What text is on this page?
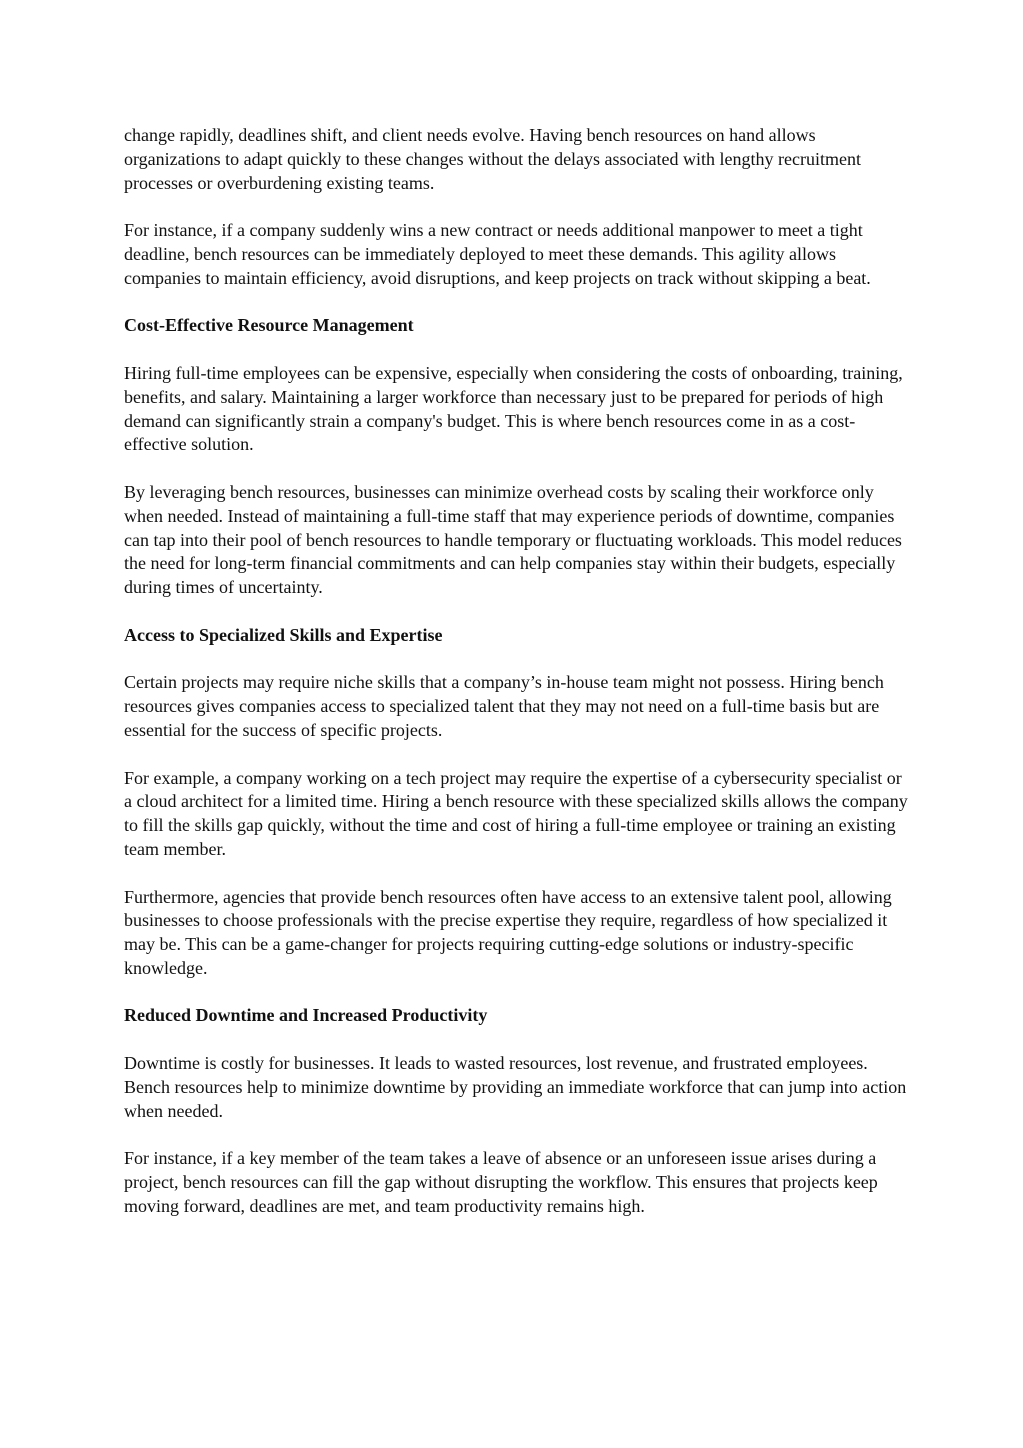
change rapidly, deadlines shift, and client needs evolve. Having bench resources on hand allows organizations to adapt quickly to these changes without the delays associated with lengthy recruitment processes or overburdening existing teams.

For instance, if a company suddenly wins a new contract or needs additional manpower to meet a tight deadline, bench resources can be immediately deployed to meet these demands. This agility allows companies to maintain efficiency, avoid disruptions, and keep projects on track without skipping a beat.

Cost-Effective Resource Management

Hiring full-time employees can be expensive, especially when considering the costs of onboarding, training, benefits, and salary. Maintaining a larger workforce than necessary just to be prepared for periods of high demand can significantly strain a company's budget. This is where bench resources come in as a cost-effective solution.

By leveraging bench resources, businesses can minimize overhead costs by scaling their workforce only when needed. Instead of maintaining a full-time staff that may experience periods of downtime, companies can tap into their pool of bench resources to handle temporary or fluctuating workloads. This model reduces the need for long-term financial commitments and can help companies stay within their budgets, especially during times of uncertainty.

Access to Specialized Skills and Expertise

Certain projects may require niche skills that a company’s in-house team might not possess. Hiring bench resources gives companies access to specialized talent that they may not need on a full-time basis but are essential for the success of specific projects.

For example, a company working on a tech project may require the expertise of a cybersecurity specialist or a cloud architect for a limited time. Hiring a bench resource with these specialized skills allows the company to fill the skills gap quickly, without the time and cost of hiring a full-time employee or training an existing team member.

Furthermore, agencies that provide bench resources often have access to an extensive talent pool, allowing businesses to choose professionals with the precise expertise they require, regardless of how specialized it may be. This can be a game-changer for projects requiring cutting-edge solutions or industry-specific knowledge.

Reduced Downtime and Increased Productivity

Downtime is costly for businesses. It leads to wasted resources, lost revenue, and frustrated employees. Bench resources help to minimize downtime by providing an immediate workforce that can jump into action when needed.

For instance, if a key member of the team takes a leave of absence or an unforeseen issue arises during a project, bench resources can fill the gap without disrupting the workflow. This ensures that projects keep moving forward, deadlines are met, and team productivity remains high.
